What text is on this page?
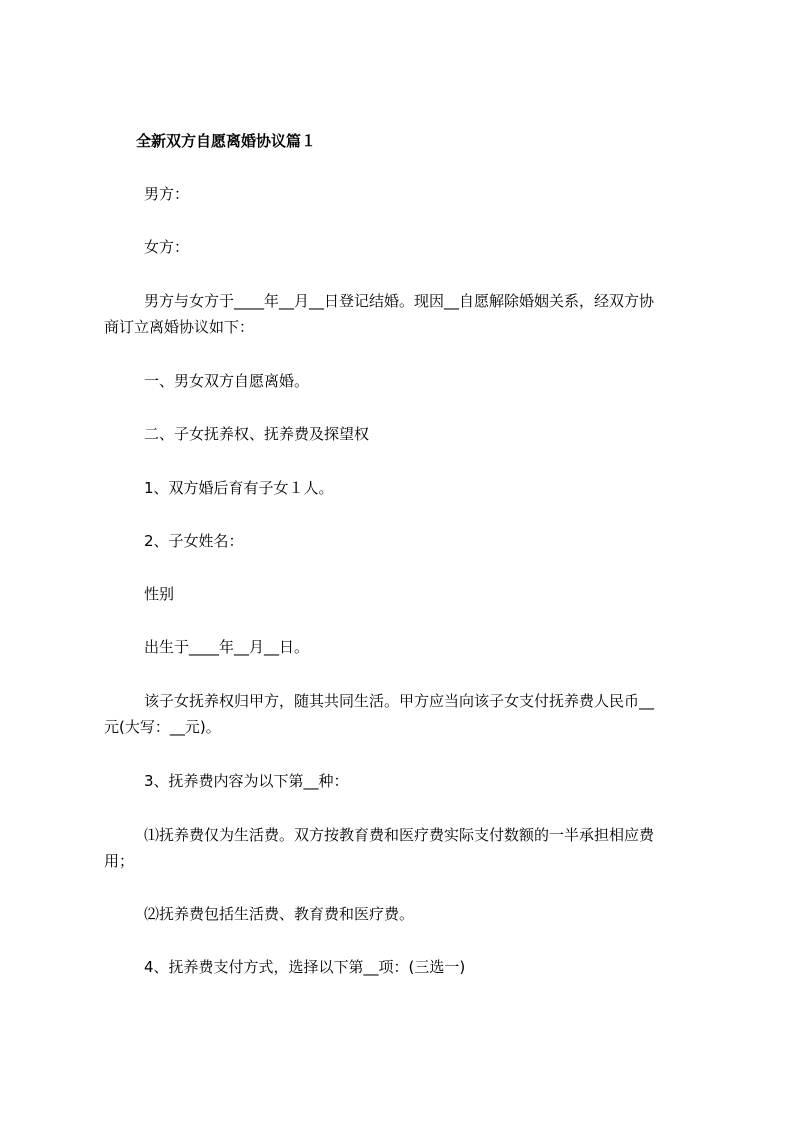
全新双方自愿离婚协议篇１
男方：
女方：
男方与女方于____年__月__日登记结婚。现因__自愿解除婚姻关系，经双方协
商订立离婚协议如下：
一、男女双方自愿离婚。
二、子女抚养权、抚养费及探望权
1、双方婚后育有子女１人。
2、子女姓名：
性别
出生于____年__月__日。
该子女抚养权归甲方，随其共同生活。甲方应当向该子女支付抚养费人民币__
元(大写：__元)。
3、抚养费内容为以下第__种：
⑴抚养费仅为生活费。双方按教育费和医疗费实际支付数额的一半承担相应费
用；
⑵抚养费包括生活费、教育费和医疗费。
4、抚养费支付方式，选择以下第__项：(三选一)
